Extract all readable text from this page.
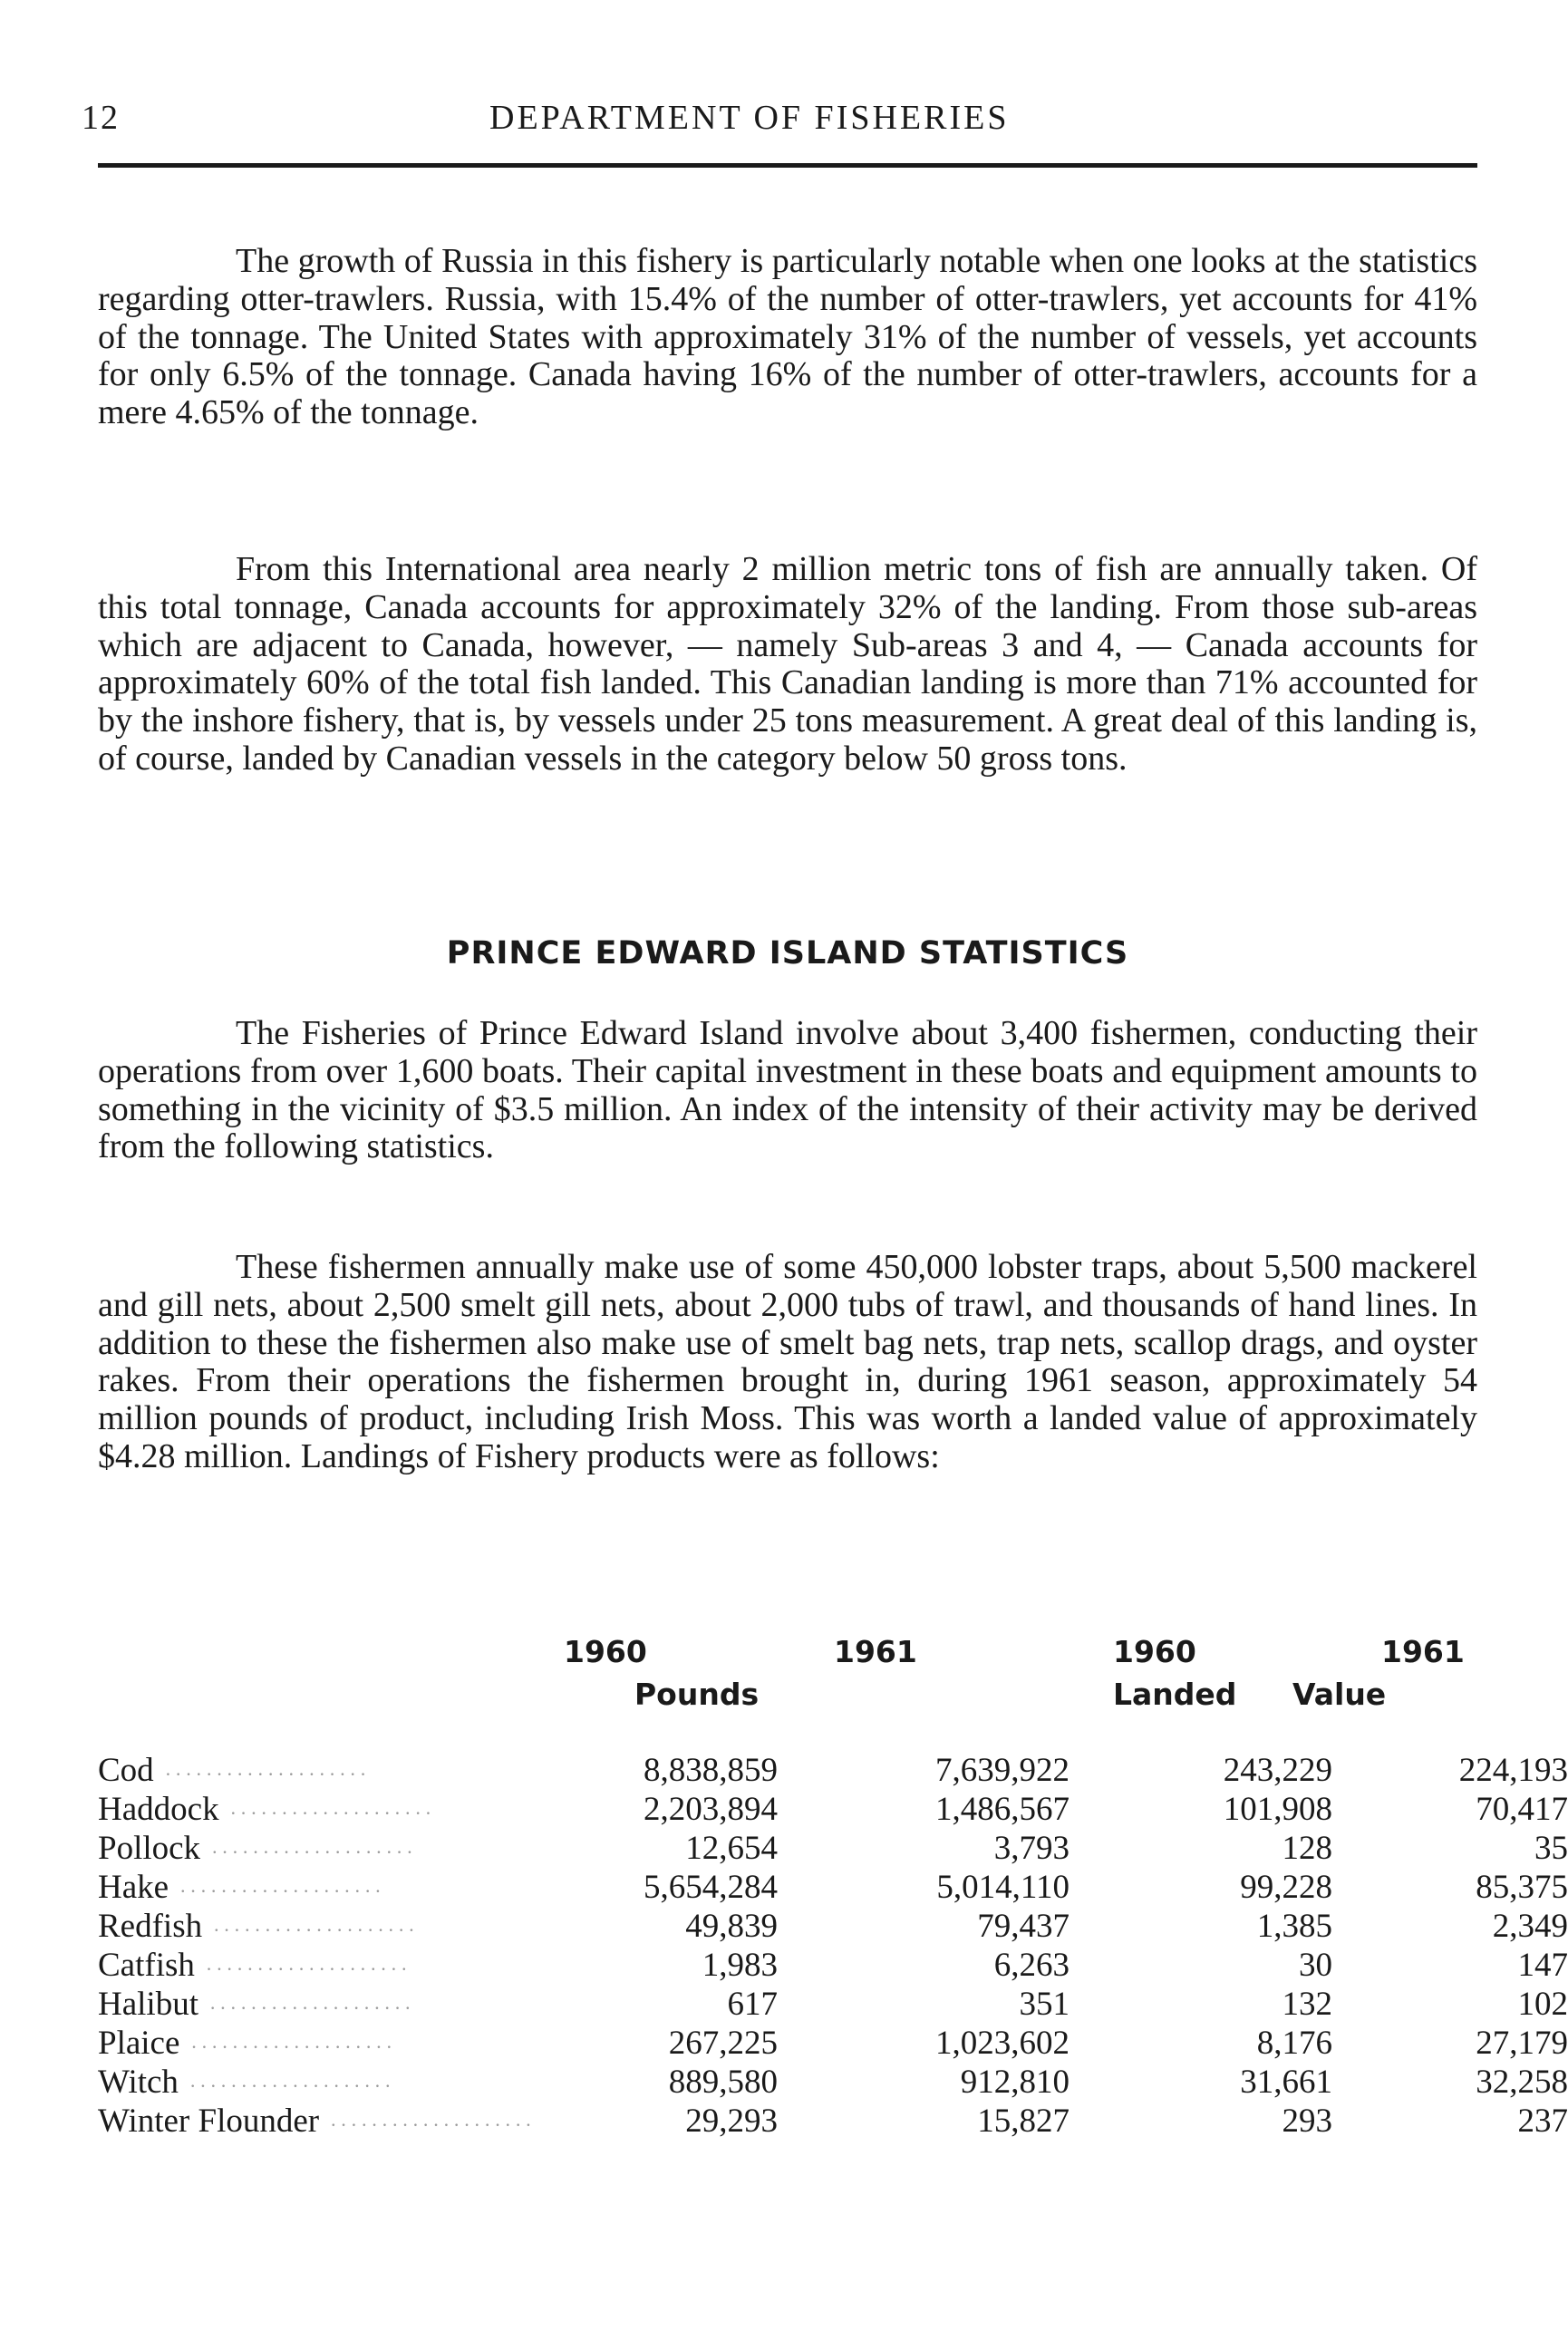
12	DEPARTMENT OF FISHERIES

The growth of Russia in this fishery is particularly notable when one looks at the statistics regarding otter-trawlers. Russia, with 15.4% of the number of otter-trawlers, yet accounts for 41% of the tonnage. The United States with approximately 31% of the number of vessels, yet accounts for only 6.5% of the tonnage. Canada having 16% of the number of otter-trawlers, accounts for a mere 4.65% of the tonnage.

From this International area nearly 2 million metric tons of fish are annually taken. Of this total tonnage, Canada accounts for approximately 32% of the landing. From those sub-areas which are adjacent to Canada, however, — namely Sub-areas 3 and 4, — Canada accounts for approximately 60% of the total fish landed. This Canadian landing is more than 71% accounted for by the inshore fishery, that is, by vessels under 25 tons measurement. A great deal of this landing is, of course, landed by Canadian vessels in the category below 50 gross tons.

PRINCE EDWARD ISLAND STATISTICS

The Fisheries of Prince Edward Island involve about 3,400 fishermen, conducting their operations from over 1,600 boats. Their capital investment in these boats and equipment amounts to something in the vicinity of $3.5 million. An index of the intensity of their activity may be derived from the following statistics.

These fishermen annually make use of some 450,000 lobster traps, about 5,500 mackerel and gill nets, about 2,500 smelt gill nets, about 2,000 tubs of trawl, and thousands of hand lines. In addition to these the fishermen also make use of smelt bag nets, trap nets, scallop drags, and oyster rakes. From their operations the fishermen brought in, during 1961 season, approximately 54 million pounds of product, including Irish Moss. This was worth a landed value of approximately $4.28 million. Landings of Fishery products were as follows:

1960	1961	1960	1961
Pounds	Landed Value
Cod ····················	8,838,859	7,639,922	243,229	224,193
Haddock ····················	2,203,894	1,486,567	101,908	70,417
Pollock ····················	12,654	3,793	128	35
Hake ····················	5,654,284	5,014,110	99,228	85,375
Redfish ····················	49,839	79,437	1,385	2,349
Catfish ····················	1,983	6,263	30	147
Halibut ····················	617	351	132	102
Plaice ····················	267,225	1,023,602	8,176	27,179
Witch ····················	889,580	912,810	31,661	32,258
Winter Flounder ····················	29,293	15,827	293	237
